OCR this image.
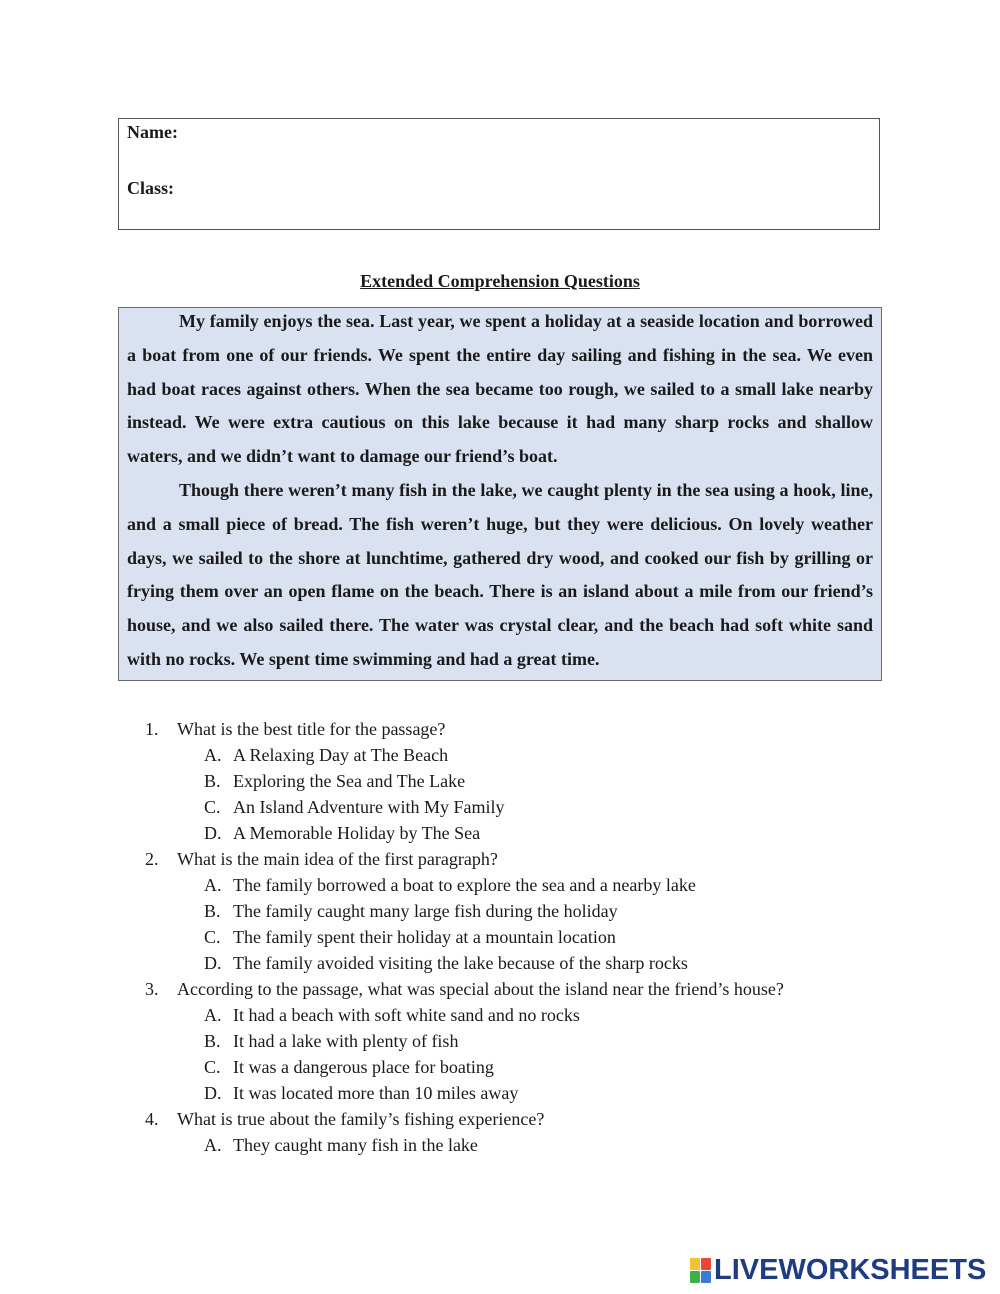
Name:
Class:
Extended Comprehension Questions

My family enjoys the sea. Last year, we spent a holiday at a seaside location and borrowed a boat from one of our friends. We spent the entire day sailing and fishing in the sea. We even had boat races against others. When the sea became too rough, we sailed to a small lake nearby instead. We were extra cautious on this lake because it had many sharp rocks and shallow waters, and we didn’t want to damage our friend’s boat.

Though there weren’t many fish in the lake, we caught plenty in the sea using a hook, line, and a small piece of bread. The fish weren’t huge, but they were delicious. On lovely weather days, we sailed to the shore at lunchtime, gathered dry wood, and cooked our fish by grilling or frying them over an open flame on the beach. There is an island about a mile from our friend’s house, and we also sailed there. The water was crystal clear, and the beach had soft white sand with no rocks. We spent time swimming and had a great time.

1.	What is the best title for the passage?
A. A Relaxing Day at The Beach
B. Exploring the Sea and The Lake
C. An Island Adventure with My Family
D. A Memorable Holiday by The Sea
2.	What is the main idea of the first paragraph?
A. The family borrowed a boat to explore the sea and a nearby lake
B. The family caught many large fish during the holiday
C. The family spent their holiday at a mountain location
D. The family avoided visiting the lake because of the sharp rocks
3.	According to the passage, what was special about the island near the friend’s house?
A. It had a beach with soft white sand and no rocks
B. It had a lake with plenty of fish
C. It was a dangerous place for boating
D. It was located more than 10 miles away
4.	What is true about the family’s fishing experience?
A. They caught many fish in the lake
LIVEWORKSHEETS
